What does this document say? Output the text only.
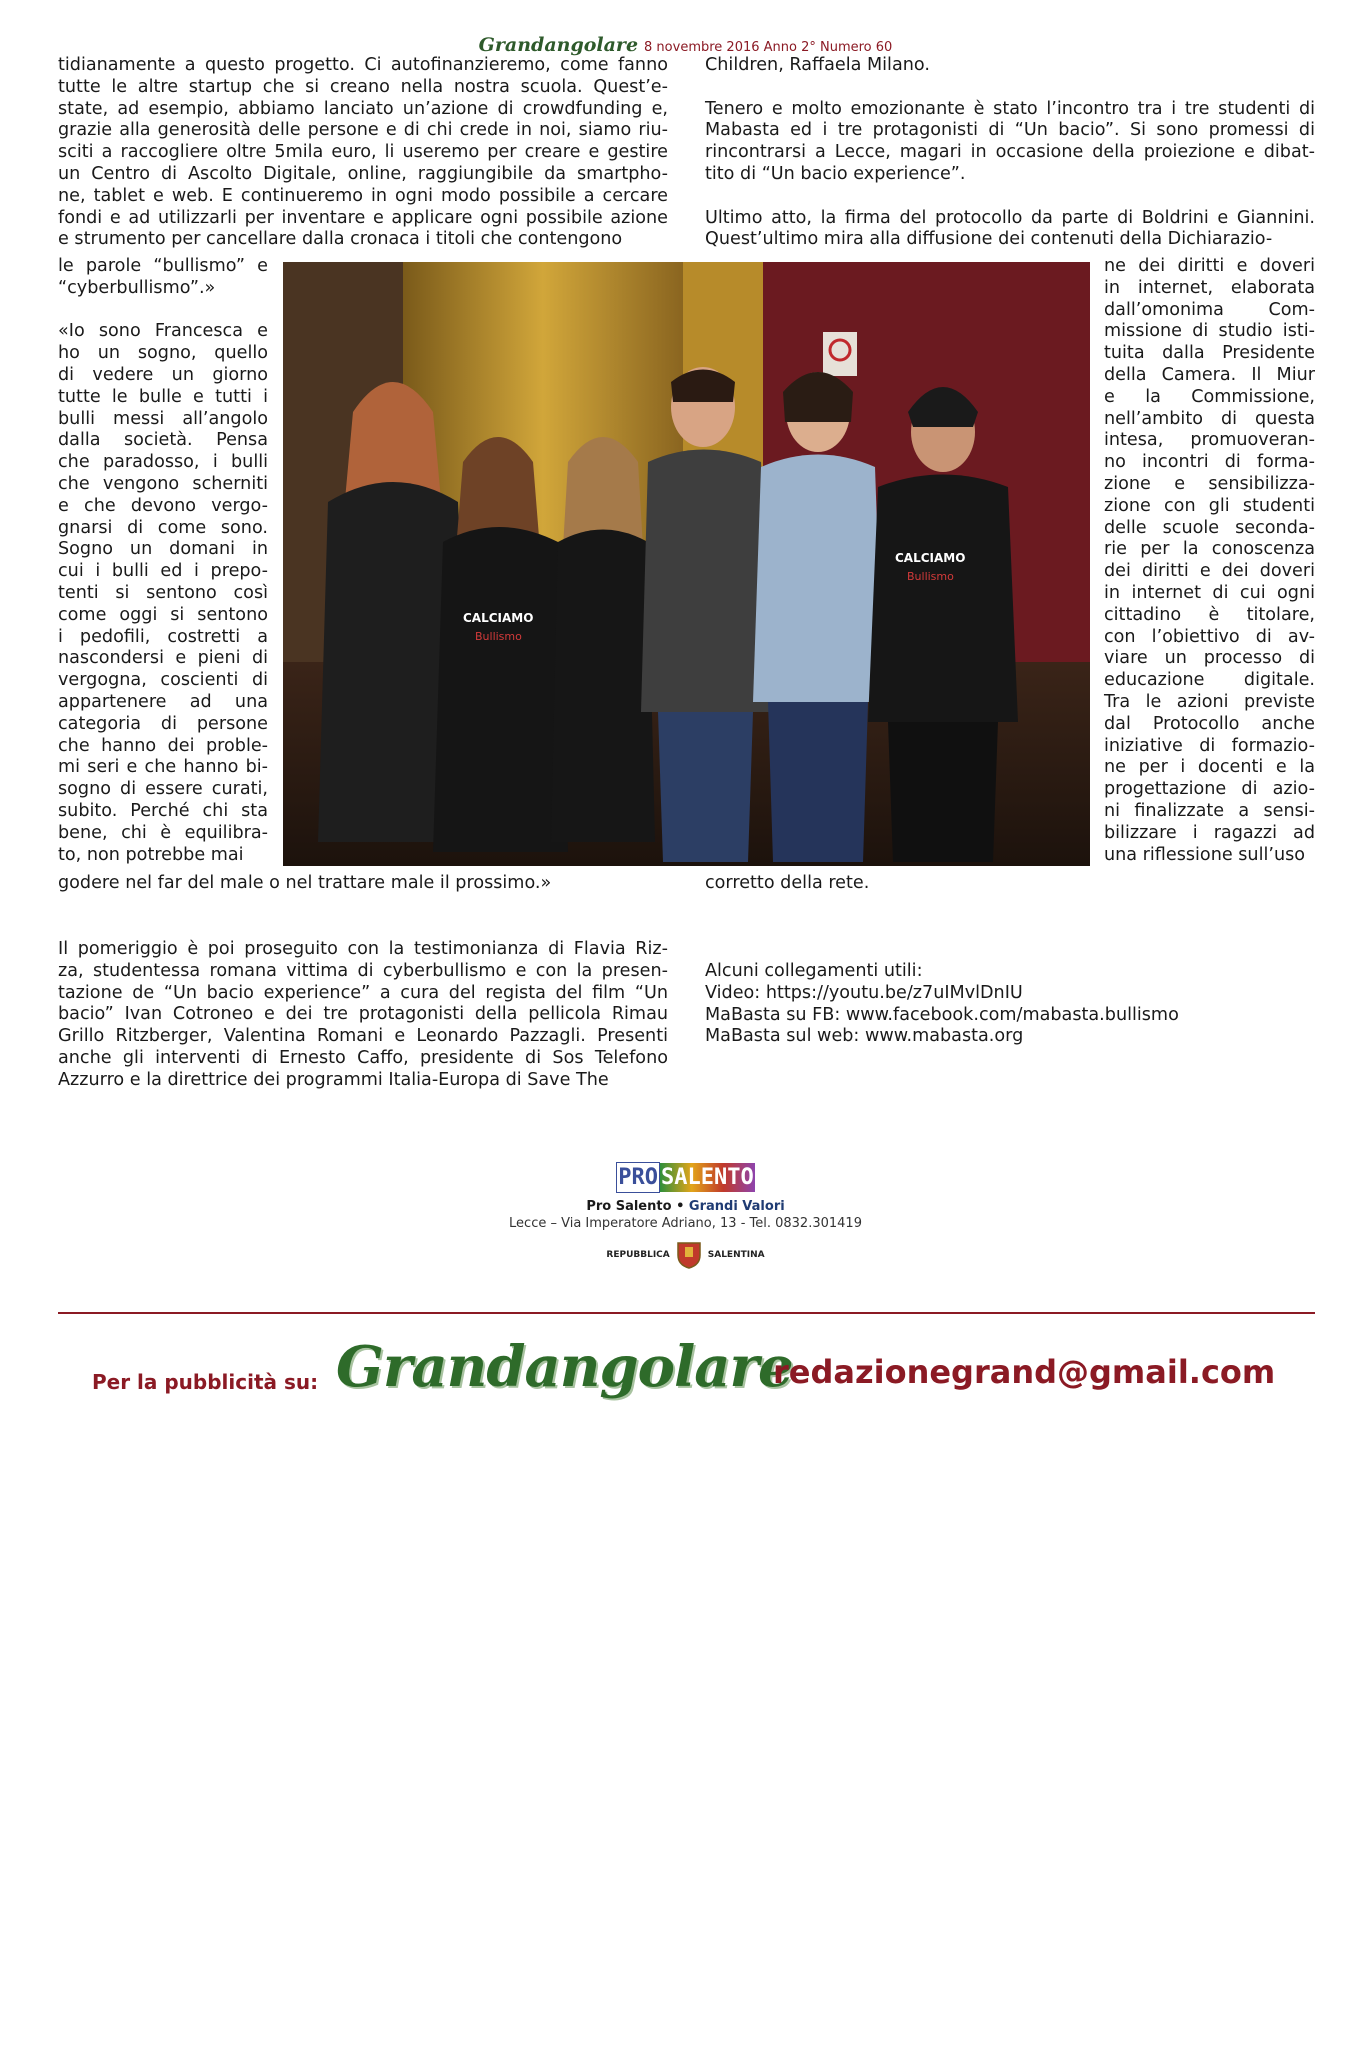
Grandangolare 8 novembre 2016 Anno 2° Numero 60
tidianamente a questo progetto. Ci autofinanzieremo, come fanno
tutte le altre startup che si creano nella nostra scuola. Quest’e-
state, ad esempio, abbiamo lanciato un’azione di crowdfunding e,
grazie alla generosità delle persone e di chi crede in noi, siamo riu-
sciti a raccogliere oltre 5mila euro, li useremo per creare e gestire
un Centro di Ascolto Digitale, online, raggiungibile da smartpho-
ne, tablet e web. E continueremo in ogni modo possibile a cercare
fondi e ad utilizzarli per inventare e applicare ogni possibile azione
e strumento per cancellare dalla cronaca i titoli che contengono
le parole “bullismo” e
“cyberbullismo”.»
«Io sono Francesca e
ho un sogno, quello
di vedere un giorno
tutte le bulle e tutti i
bulli messi all’angolo
dalla società. Pensa
che paradosso, i bulli
che vengono scherniti
e che devono vergo-
gnarsi di come sono.
Sogno un domani in
cui i bulli ed i prepo-
tenti si sentono così
come oggi si sentono
i pedofili, costretti a
nascondersi e pieni di
vergogna, coscienti di
appartenere ad una
categoria di persone
che hanno dei proble-
mi seri e che hanno bi-
sogno di essere curati,
subito. Perché chi sta
bene, chi è equilibra-
to, non potrebbe mai
godere nel far del male o nel trattare male il prossimo.»
Il pomeriggio è poi proseguito con la testimonianza di Flavia Riz-
za, studentessa romana vittima di cyberbullismo e con la presen-
tazione de “Un bacio experience” a cura del regista del film “Un
bacio” Ivan Cotroneo e dei tre protagonisti della pellicola Rimau
Grillo Ritzberger, Valentina Romani e Leonardo Pazzagli. Presenti
anche gli interventi di Ernesto Caffo, presidente di Sos Telefono
Azzurro e la direttrice dei programmi Italia-Europa di Save The
Children, Raffaela Milano.
Tenero e molto emozionante è stato l’incontro tra i tre studenti di
Mabasta ed i tre protagonisti di “Un bacio”. Si sono promessi di
rincontrarsi a Lecce, magari in occasione della proiezione e dibat-
tito di “Un bacio experience”.
Ultimo atto, la firma del protocollo da parte di Boldrini e Giannini.
Quest’ultimo mira alla diffusione dei contenuti della Dichiarazio-
ne dei diritti e doveri
in internet, elaborata
dall’omonima Com-
missione di studio isti-
tuita dalla Presidente
della Camera. Il Miur
e la Commissione,
nell’ambito di questa
intesa, promuoveran-
no incontri di forma-
zione e sensibilizza-
zione con gli studenti
delle scuole seconda-
rie per la conoscenza
dei diritti e dei doveri
in internet di cui ogni
cittadino è titolare,
con l’obiettivo di av-
viare un processo di
educazione digitale.
Tra le azioni previste
dal Protocollo anche
iniziative di formazio-
ne per i docenti e la
progettazione di azio-
ni finalizzate a sensi-
bilizzare i ragazzi ad
una riflessione sull’uso
corretto della rete.
Alcuni collegamenti utili:
Video: https://youtu.be/z7uIMvlDnIU
MaBasta su FB: www.facebook.com/mabasta.bullismo
MaBasta sul web: www.mabasta.org
CALCIAMO
Bullismo
CALCIAMO
Bullismo
PRO SALENTO
Pro Salento • Grandi Valori
Lecce – Via Imperatore Adriano, 13 - Tel. 0832.301419
REPUBBLICA	SALENTINA
Per la pubblicità su: Grandangolare
redazionegrand@gmail.com
